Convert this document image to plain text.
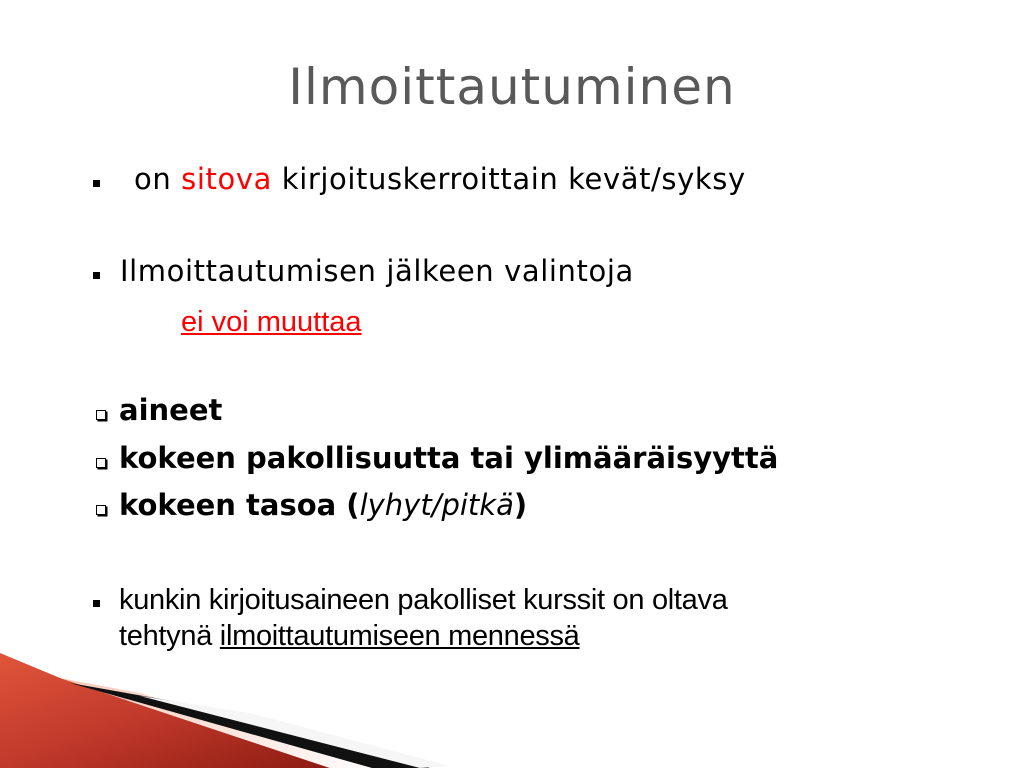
Ilmoittautuminen
on sitova kirjoituskerroittain kevät/syksy
Ilmoittautumisen jälkeen valintoja
ei voi muuttaa
aineet
kokeen pakollisuutta tai ylimääräisyyttä
kokeen tasoa (lyhyt/pitkä)
kunkin kirjoitusaineen pakolliset kurssit on oltava
tehtynä ilmoittautumiseen mennessä
